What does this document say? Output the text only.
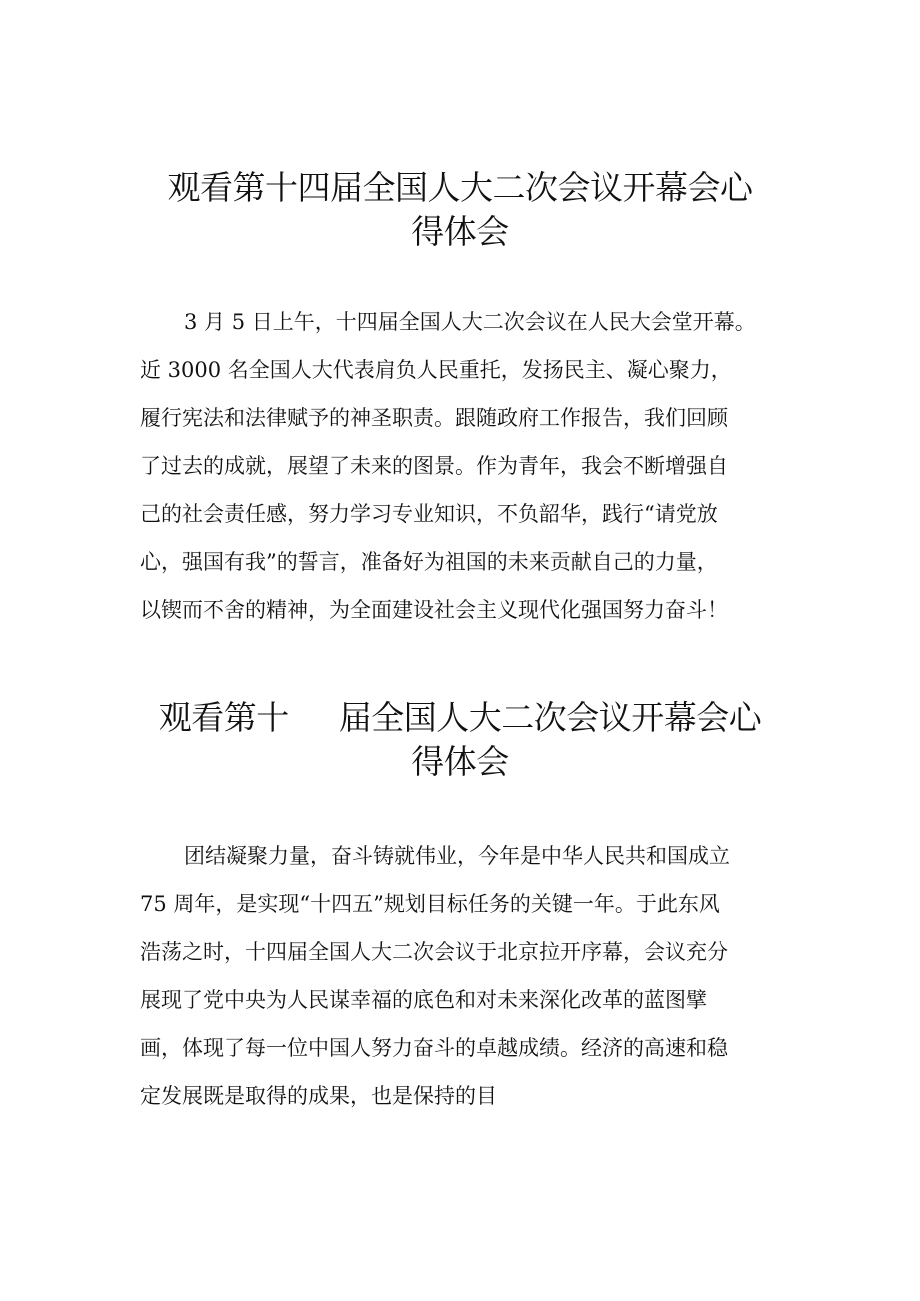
观看第十四届全国人大二次会议开幕会心
得体会
3 月 5 日上午，十四届全国人大二次会议在人民大会堂开幕。
近 3000 名全国人大代表肩负人民重托，发扬民主、凝心聚力，
履行宪法和法律赋予的神圣职责。跟随政府工作报告，我们回顾
了过去的成就，展望了未来的图景。作为青年，我会不断增强自
己的社会责任感，努力学习专业知识，不负韶华，践行“请党放
心，强国有我”的誓言，准备好为祖国的未来贡献自己的力量，
以锲而不舍的精神，为全面建设社会主义现代化强国努力奋斗！
观看第十 届全国人大二次会议开幕会心
得体会
团结凝聚力量，奋斗铸就伟业，今年是中华人民共和国成立
75 周年，是实现“十四五”规划目标任务的关键一年。于此东风
浩荡之时，十四届全国人大二次会议于北京拉开序幕，会议充分
展现了党中央为人民谋幸福的底色和对未来深化改革的蓝图擘
画，体现了每一位中国人努力奋斗的卓越成绩。经济的高速和稳
定发展既是取得的成果，也是保持的目
